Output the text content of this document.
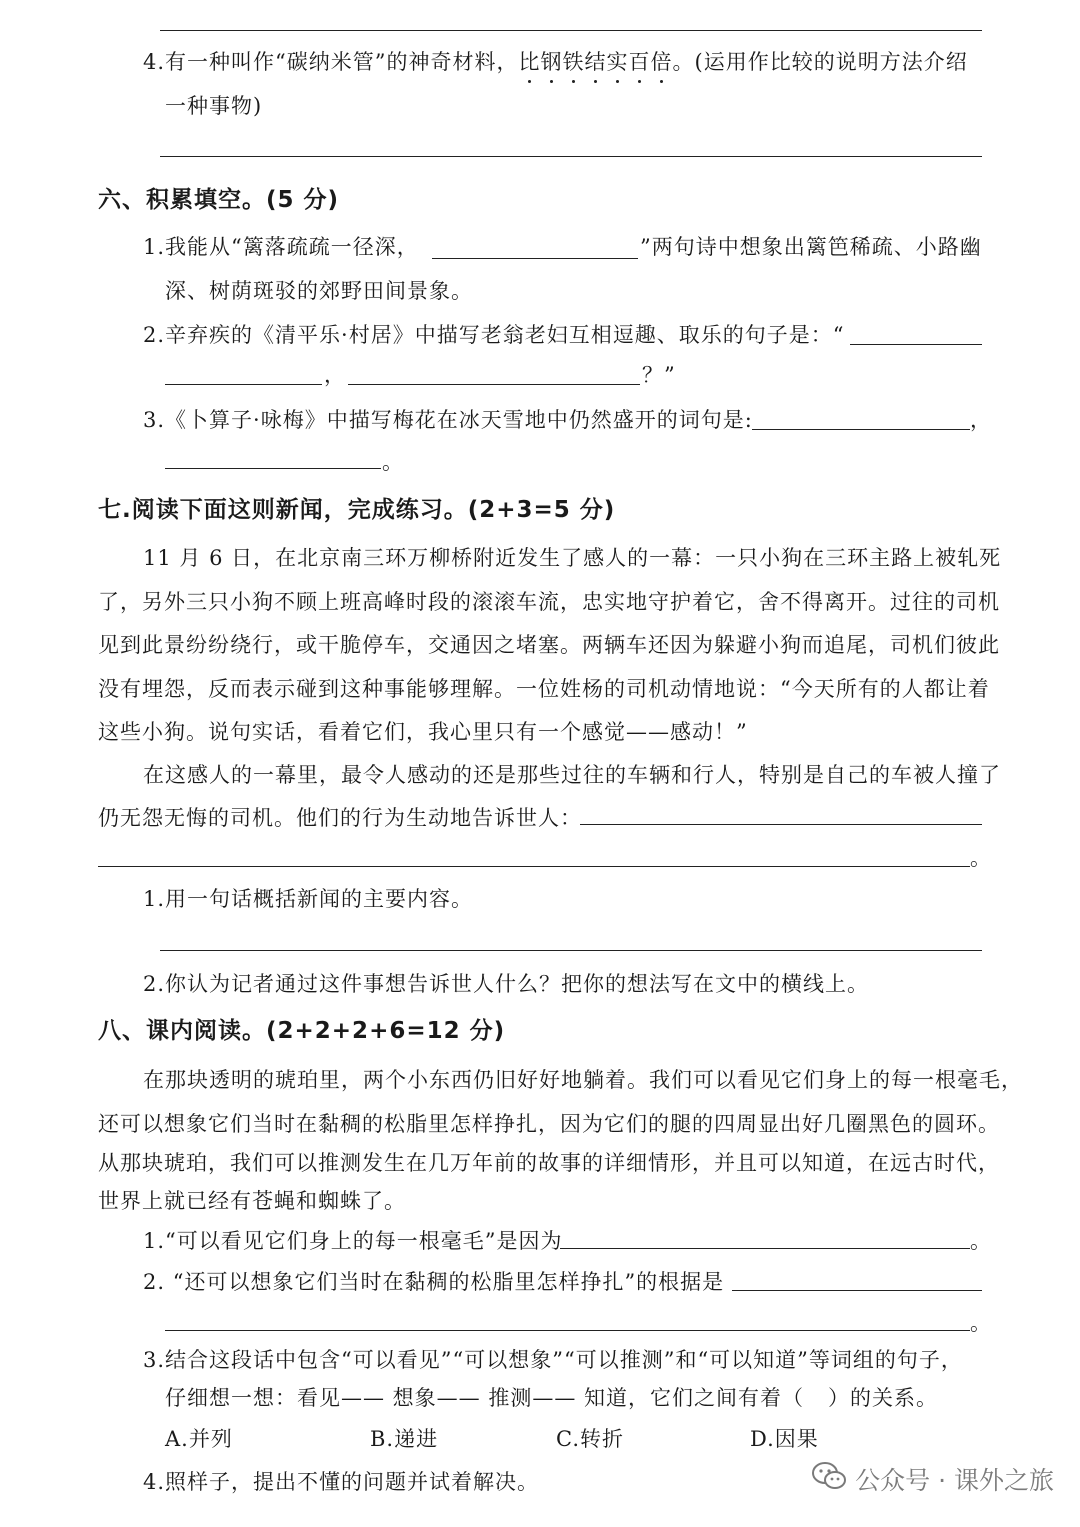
4.有一种叫作“碳纳米管”的神奇材料，比钢铁结实百倍。(运用作比较的说明方法介绍
一种事物)
六、积累填空。(5 分)
1.我能从“篱落疏疏一径深，	”两句诗中想象出篱笆稀疏、小路幽
深、树荫斑驳的郊野田间景象。
2.辛弃疾的《清平乐·村居》中描写老翁老妇互相逗趣、取乐的句子是：“
，	？”
3.《卜算子·咏梅》中描写梅花在冰天雪地中仍然盛开的词句是:	，
。
七.阅读下面这则新闻，完成练习。(2+3=5 分)
11 月 6 日，在北京南三环万柳桥附近发生了感人的一幕：一只小狗在三环主路上被轧死
了，另外三只小狗不顾上班高峰时段的滚滚车流，忠实地守护着它，舍不得离开。过往的司机
见到此景纷纷绕行，或干脆停车，交通因之堵塞。两辆车还因为躲避小狗而追尾，司机们彼此
没有埋怨，反而表示碰到这种事能够理解。一位姓杨的司机动情地说：“今天所有的人都让着
这些小狗。说句实话，看着它们，我心里只有一个感觉——感动！”
在这感人的一幕里，最令人感动的还是那些过往的车辆和行人，特别是自己的车被人撞了
仍无怨无悔的司机。他们的行为生动地告诉世人：
。
1.用一句话概括新闻的主要内容。
2.你认为记者通过这件事想告诉世人什么？把你的想法写在文中的横线上。
八、课内阅读。(2+2+2+6=12 分)
在那块透明的琥珀里，两个小东西仍旧好好地躺着。我们可以看见它们身上的每一根毫毛，
还可以想象它们当时在黏稠的松脂里怎样挣扎，因为它们的腿的四周显出好几圈黑色的圆环。
从那块琥珀，我们可以推测发生在几万年前的故事的详细情形，并且可以知道，在远古时代，
世界上就已经有苍蝇和蜘蛛了。
1.“可以看见它们身上的每一根毫毛”是因为	。
2. “还可以想象它们当时在黏稠的松脂里怎样挣扎”的根据是
。
3.结合这段话中包含“可以看见”“可以想象”“可以推测”和“可以知道”等词组的句子，
仔细想一想：看见—— 想象—— 推测—— 知道，它们之间有着（ ）的关系。
A.并列	B.递进	C.转折	D.因果
4.照样子，提出不懂的问题并试着解决。	公众号 · 课外之旅
